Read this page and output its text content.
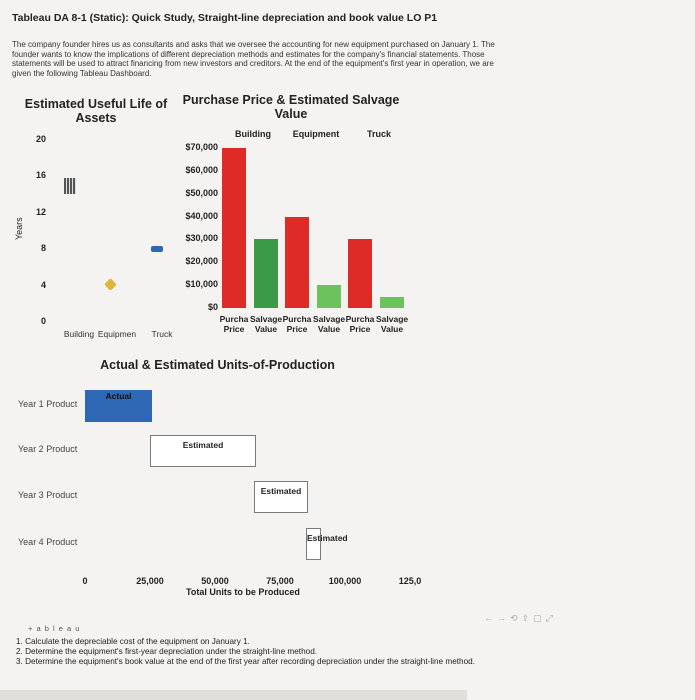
Tableau DA 8-1 (Static): Quick Study, Straight-line depreciation and book value LO P1
The company founder hires us as consultants and asks that we oversee the accounting for new equipment purchased on January 1. The founder wants to know the implications of different depreciation methods and estimates for the company's financial statements. Those statements will be used to attract financing from new investors and creditors. At the end of the equipment's first year in operation, we are given the following Tableau Dashboard.
Estimated Useful Life of Assets
Years
Purchase Price & Estimated Salvage Value
Actual & Estimated Units-of-Production
Total Units to be Produced
+ a b l e a u
←→⟲⇪▢⤢
1. Calculate the depreciable cost of the equipment on January 1.
2. Determine the equipment's first-year depreciation under the straight-line method.
3. Determine the equipment's book value at the end of the first year after recording depreciation under the straight-line method.
20
16
12
8
4
0
Building Equipmen	Truck
$70,000
$60,000
$50,000
$40,000
$30,000
$20,000
$10,000
$0
Building	Equipment	Truck
Purcha
Price
Salvage
Value
Purcha
Price
Salvage
Value
Purcha
Price
Salvage
Value
Year 1 Product
Year 2 Product
Year 3 Product
Year 4 Product
0	25,000	50,000	75,000	100,000	125,0
Actual
Estimated
Estimated
Estimated
